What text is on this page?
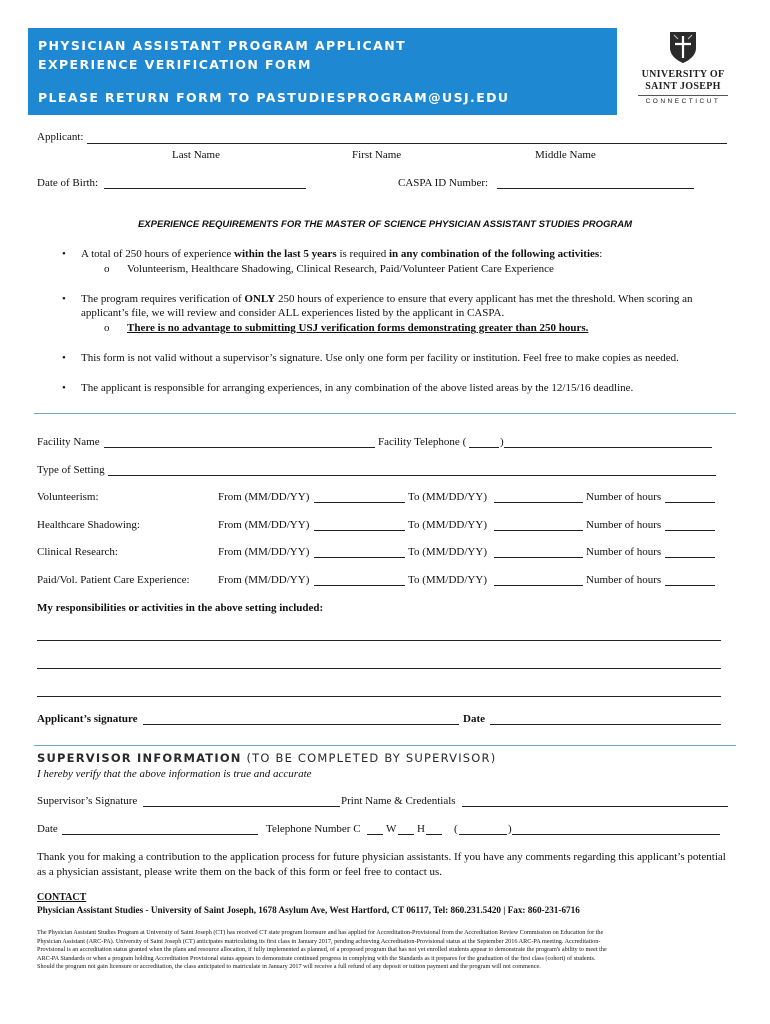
PHYSICIAN ASSISTANT PROGRAM APPLICANT
EXPERIENCE VERIFICATION FORM
PLEASE RETURN FORM TO PASTUDIESPROGRAM@USJ.EDU
UNIVERSITY OF
SAINT JOSEPH
CONNECTICUT
Applicant:
Last Name	First Name	Middle Name
Date of Birth:	CASPA ID Number:
EXPERIENCE REQUIREMENTS FOR THE MASTER OF SCIENCE PHYSICIAN ASSISTANT STUDIES PROGRAM
• A total of 250 hours of experience within the last 5 years is required in any combination of the following activities:
o Volunteerism, Healthcare Shadowing, Clinical Research, Paid/Volunteer Patient Care Experience
• The program requires verification of ONLY 250 hours of experience to ensure that every applicant has met the threshold. When scoring an
applicant’s file, we will review and consider ALL experiences listed by the applicant in CASPA.
o There is no advantage to submitting USJ verification forms demonstrating greater than 250 hours.
• This form is not valid without a supervisor’s signature. Use only one form per facility or institution. Feel free to make copies as needed.
• The applicant is responsible for arranging experiences, in any combination of the above listed areas by the 12/15/16 deadline.
Facility Name	Facility Telephone (	)
Type of Setting
Volunteerism:	From (MM/DD/YY)	To (MM/DD/YY)	Number of hours
Healthcare Shadowing:	From (MM/DD/YY)	To (MM/DD/YY)	Number of hours
Clinical Research:	From (MM/DD/YY)	To (MM/DD/YY)	Number of hours
Paid/Vol. Patient Care Experience:	From (MM/DD/YY)	To (MM/DD/YY)	Number of hours
My responsibilities or activities in the above setting included:
Applicant’s signature	Date
SUPERVISOR INFORMATION (TO BE COMPLETED BY SUPERVISOR)
I hereby verify that the above information is true and accurate
Supervisor’s Signature	Print Name & Credentials
Date	Telephone Number C W H	(	)
Thank you for making a contribution to the application process for future physician assistants. If you have any comments regarding this applicant’s potential
as a physician assistant, please write them on the back of this form or feel free to contact us.
CONTACT
Physician Assistant Studies - University of Saint Joseph, 1678 Asylum Ave, West Hartford, CT 06117, Tel: 860.231.5420 | Fax: 860-231-6716
The Physician Assistant Studies Program at University of Saint Joseph (CT) has received CT state program licensure and has applied for Accreditation-Provisional from the Accreditation Review Commission on Education for the
Physician Assistant (ARC-PA). University of Saint Joseph (CT) anticipates matriculating its first class in January 2017, pending achieving Accreditation-Provisional status at the September 2016 ARC-PA meeting. Accreditation-
Provisional is an accreditation status granted when the plans and resource allocation, if fully implemented as planned, of a proposed program that has not yet enrolled students appear to demonstrate the program's ability to meet the
ARC-PA Standards or when a program holding Accreditation Provisional status appears to demonstrate continued progress in complying with the Standards as it prepares for the graduation of the first class (cohort) of students.
Should the program not gain licensure or accreditation, the class anticipated to matriculate in January 2017 will receive a full refund of any deposit or tuition payment and the program will not commence.
